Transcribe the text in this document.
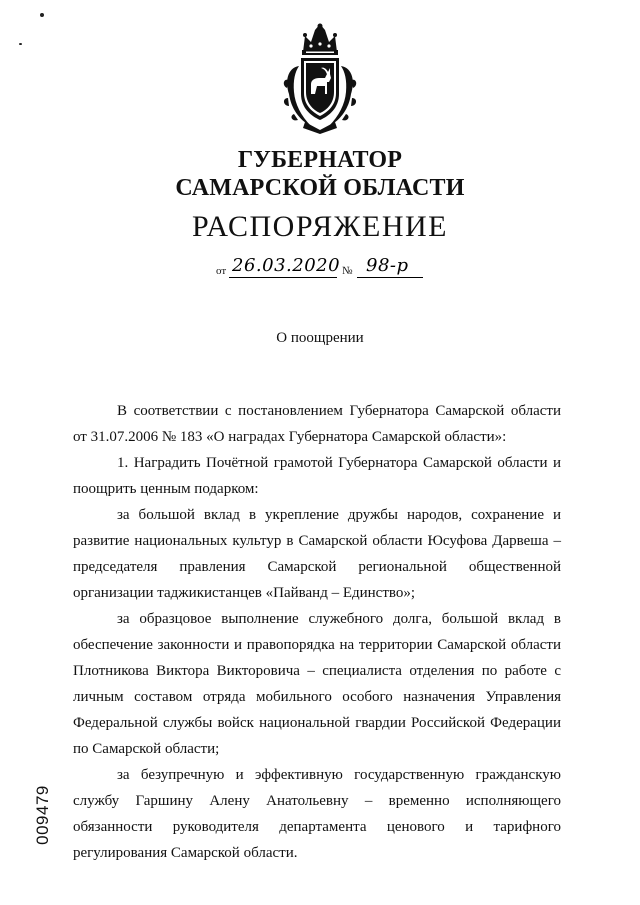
ГУБЕРНАТОР
САМАРСКОЙ ОБЛАСТИ
РАСПОРЯЖЕНИЕ
от 26.03.2020 № 98-р
О поощрении

В соответствии с постановлением Губернатора Самарской области от 31.07.2006 № 183 «О наградах Губернатора Самарской области»:

1. Наградить Почётной грамотой Губернатора Самарской области и поощрить ценным подарком:

за большой вклад в укрепление дружбы народов, сохранение и развитие национальных культур в Самарской области Юсуфова Дарвеша – председателя правления Самарской региональной общественной организации таджикистанцев «Пайванд – Единство»;

за образцовое выполнение служебного долга, большой вклад в обеспечение законности и правопорядка на территории Самарской области Плотникова Виктора Викторовича – специалиста отделения по работе с личным составом отряда мобильного особого назначения Управления Федеральной службы войск национальной гвардии Российской Федерации по Самарской области;

за безупречную и эффективную государственную гражданскую службу Гаршину Алену Анатольевну – временно исполняющего обязанности руководителя департамента ценового и тарифного регулирования Самарской области.

009479
